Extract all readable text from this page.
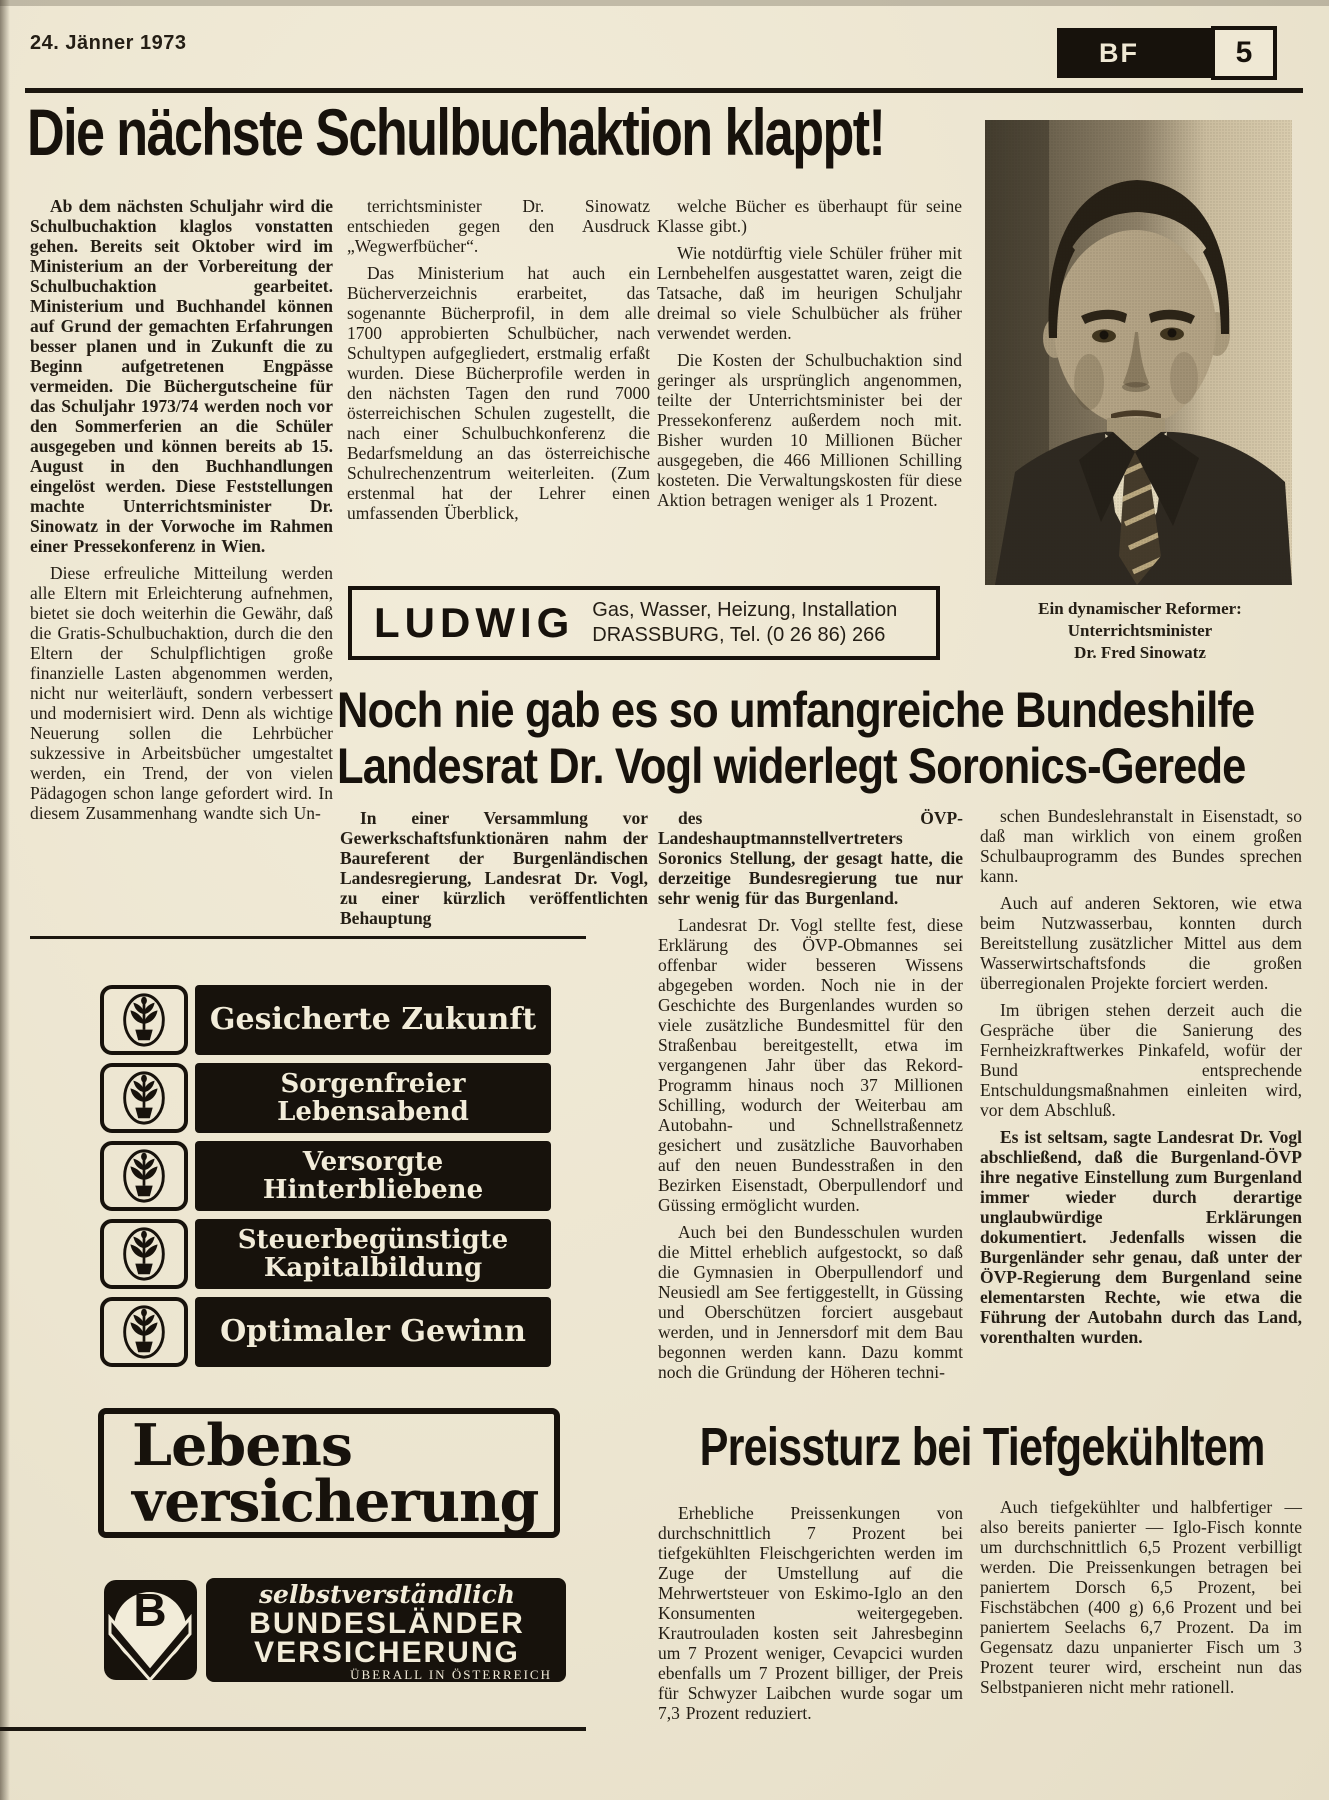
24. Jänner 1973	BF	5
Die nächste Schulbuchaktion klappt!

Ab dem nächsten Schuljahr wird die Schulbuchaktion klaglos vonstatten gehen. Bereits seit Oktober wird im Ministerium an der Vorbereitung der Schulbuchaktion gearbeitet. Ministerium und Buchhandel können auf Grund der gemachten Erfahrungen besser planen und in Zukunft die zu Beginn aufgetretenen Engpässe vermeiden. Die Büchergutscheine für das Schuljahr 1973/74 werden noch vor den Sommerferien an die Schüler ausgegeben und können bereits ab 15. August in den Buchhandlungen eingelöst werden. Diese Feststellungen machte Unterrichtsminister Dr. Sinowatz in der Vorwoche im Rahmen einer Pressekonferenz in Wien.

Diese erfreuliche Mitteilung werden alle Eltern mit Erleichterung aufnehmen, bietet sie doch weiterhin die Gewähr, daß die Gratis-Schulbuchaktion, durch die den Eltern der Schulpflichtigen große finanzielle Lasten abgenommen werden, nicht nur weiterläuft, sondern verbessert und modernisiert wird. Denn als wichtige Neuerung sollen die Lehrbücher sukzessive in Arbeitsbücher umgestaltet werden, ein Trend, der von vielen Pädagogen schon lange gefordert wird. In diesem Zusammenhang wandte sich Un-

terrichtsminister Dr. Sinowatz entschieden gegen den Ausdruck „Wegwerfbücher“.

Das Ministerium hat auch ein Bücherverzeichnis erarbeitet, das sogenannte Bücherprofil, in dem alle 1700 approbierten Schulbücher, nach Schultypen aufgegliedert, erstmalig erfaßt wurden. Diese Bücherprofile werden in den nächsten Tagen den rund 7000 österreichischen Schulen zugestellt, die nach einer Schulbuchkonferenz die Bedarfsmeldung an das österreichische Schulrechenzentrum weiterleiten. (Zum erstenmal hat der Lehrer einen umfassenden Überblick,

welche Bücher es überhaupt für seine Klasse gibt.)

Wie notdürftig viele Schüler früher mit Lernbehelfen ausgestattet waren, zeigt die Tatsache, daß im heurigen Schuljahr dreimal so viele Schulbücher als früher verwendet werden.

Die Kosten der Schulbuchaktion sind geringer als ursprünglich angenommen, teilte der Unterrichtsminister bei der Pressekonferenz außerdem noch mit. Bisher wurden 10 Millionen Bücher ausgegeben, die 466 Millionen Schilling kosteten. Die Verwaltungskosten für diese Aktion betragen weniger als 1 Prozent.

LUDWIG Gas, Wasser, Heizung, Installation
DRASSBURG, Tel. (0 26 86) 266
Ein dynamischer Reformer:
Unterrichtsminister
Dr. Fred Sinowatz
Noch nie gab es so umfangreiche Bundeshilfe
Landesrat Dr. Vogl widerlegt Soronics-Gerede

In einer Versammlung vor Gewerkschaftsfunktionären nahm der Baureferent der Burgenländischen Landesregierung, Landesrat Dr. Vogl, zu einer kürzlich veröffentlichten Behauptung

des ÖVP-Landeshauptmannstellvertreters Soronics Stellung, der gesagt hatte, die derzeitige Bundesregierung tue nur sehr wenig für das Burgenland.

Landesrat Dr. Vogl stellte fest, diese Erklärung des ÖVP-Obmannes sei offenbar wider besseren Wissens abgegeben worden. Noch nie in der Geschichte des Burgenlandes wurden so viele zusätzliche Bundesmittel für den Straßenbau bereitgestellt, etwa im vergangenen Jahr über das Rekord-Programm hinaus noch 37 Millionen Schilling, wodurch der Weiterbau am Autobahn- und Schnellstraßennetz gesichert und zusätzliche Bauvorhaben auf den neuen Bundesstraßen in den Bezirken Eisenstadt, Oberpullendorf und Güssing ermöglicht wurden.

Auch bei den Bundesschulen wurden die Mittel erheblich aufgestockt, so daß die Gymnasien in Oberpullendorf und Neusiedl am See fertiggestellt, in Güssing und Oberschützen forciert ausgebaut werden, und in Jennersdorf mit dem Bau begonnen werden kann. Dazu kommt noch die Gründung der Höheren techni-

schen Bundeslehranstalt in Eisenstadt, so daß man wirklich von einem großen Schulbauprogramm des Bundes sprechen kann.

Auch auf anderen Sektoren, wie etwa beim Nutzwasserbau, konnten durch Bereitstellung zusätzlicher Mittel aus dem Wasserwirtschaftsfonds die großen überregionalen Projekte forciert werden.

Im übrigen stehen derzeit auch die Gespräche über die Sanierung des Fernheizkraftwerkes Pinkafeld, wofür der Bund entsprechende Entschuldungsmaßnahmen einleiten wird, vor dem Abschluß.

Es ist seltsam, sagte Landesrat Dr. Vogl abschließend, daß die Burgenland-ÖVP ihre negative Einstellung zum Burgenland immer wieder durch derartige unglaubwürdige Erklärungen dokumentiert. Jedenfalls wissen die Burgenländer sehr genau, daß unter der ÖVP-Regierung dem Burgenland seine elementarsten Rechte, wie etwa die Führung der Autobahn durch das Land, vorenthalten wurden.

Gesicherte Zukunft
Sorgenfreier
Lebensabend
Versorgte
Hinterbliebene
Steuerbegünstigte
Kapitalbildung
Optimaler Gewinn
Lebens
versicherung
B	selbstverständlich
BUNDESLÄNDER
VERSICHERUNG
ÜBERALL IN ÖSTERREICH
Preissturz bei Tiefgekühltem

Erhebliche Preissenkungen von durchschnittlich 7 Prozent bei tiefgekühlten Fleischgerichten werden im Zuge der Umstellung auf die Mehrwertsteuer von Eskimo-Iglo an den Konsumenten weitergegeben. Krautrouladen kosten seit Jahresbeginn um 7 Prozent weniger, Cevapcici wurden ebenfalls um 7 Prozent billiger, der Preis für Schwyzer Laibchen wurde sogar um 7,3 Prozent reduziert.

Auch tiefgekühlter und halbfertiger — also bereits panierter — Iglo-Fisch konnte um durchschnittlich 6,5 Prozent verbilligt werden. Die Preissenkungen betragen bei paniertem Dorsch 6,5 Prozent, bei Fischstäbchen (400 g) 6,6 Prozent und bei paniertem Seelachs 6,7 Prozent. Da im Gegensatz dazu unpanierter Fisch um 3 Prozent teurer wird, erscheint nun das Selbstpanieren nicht mehr rationell.
